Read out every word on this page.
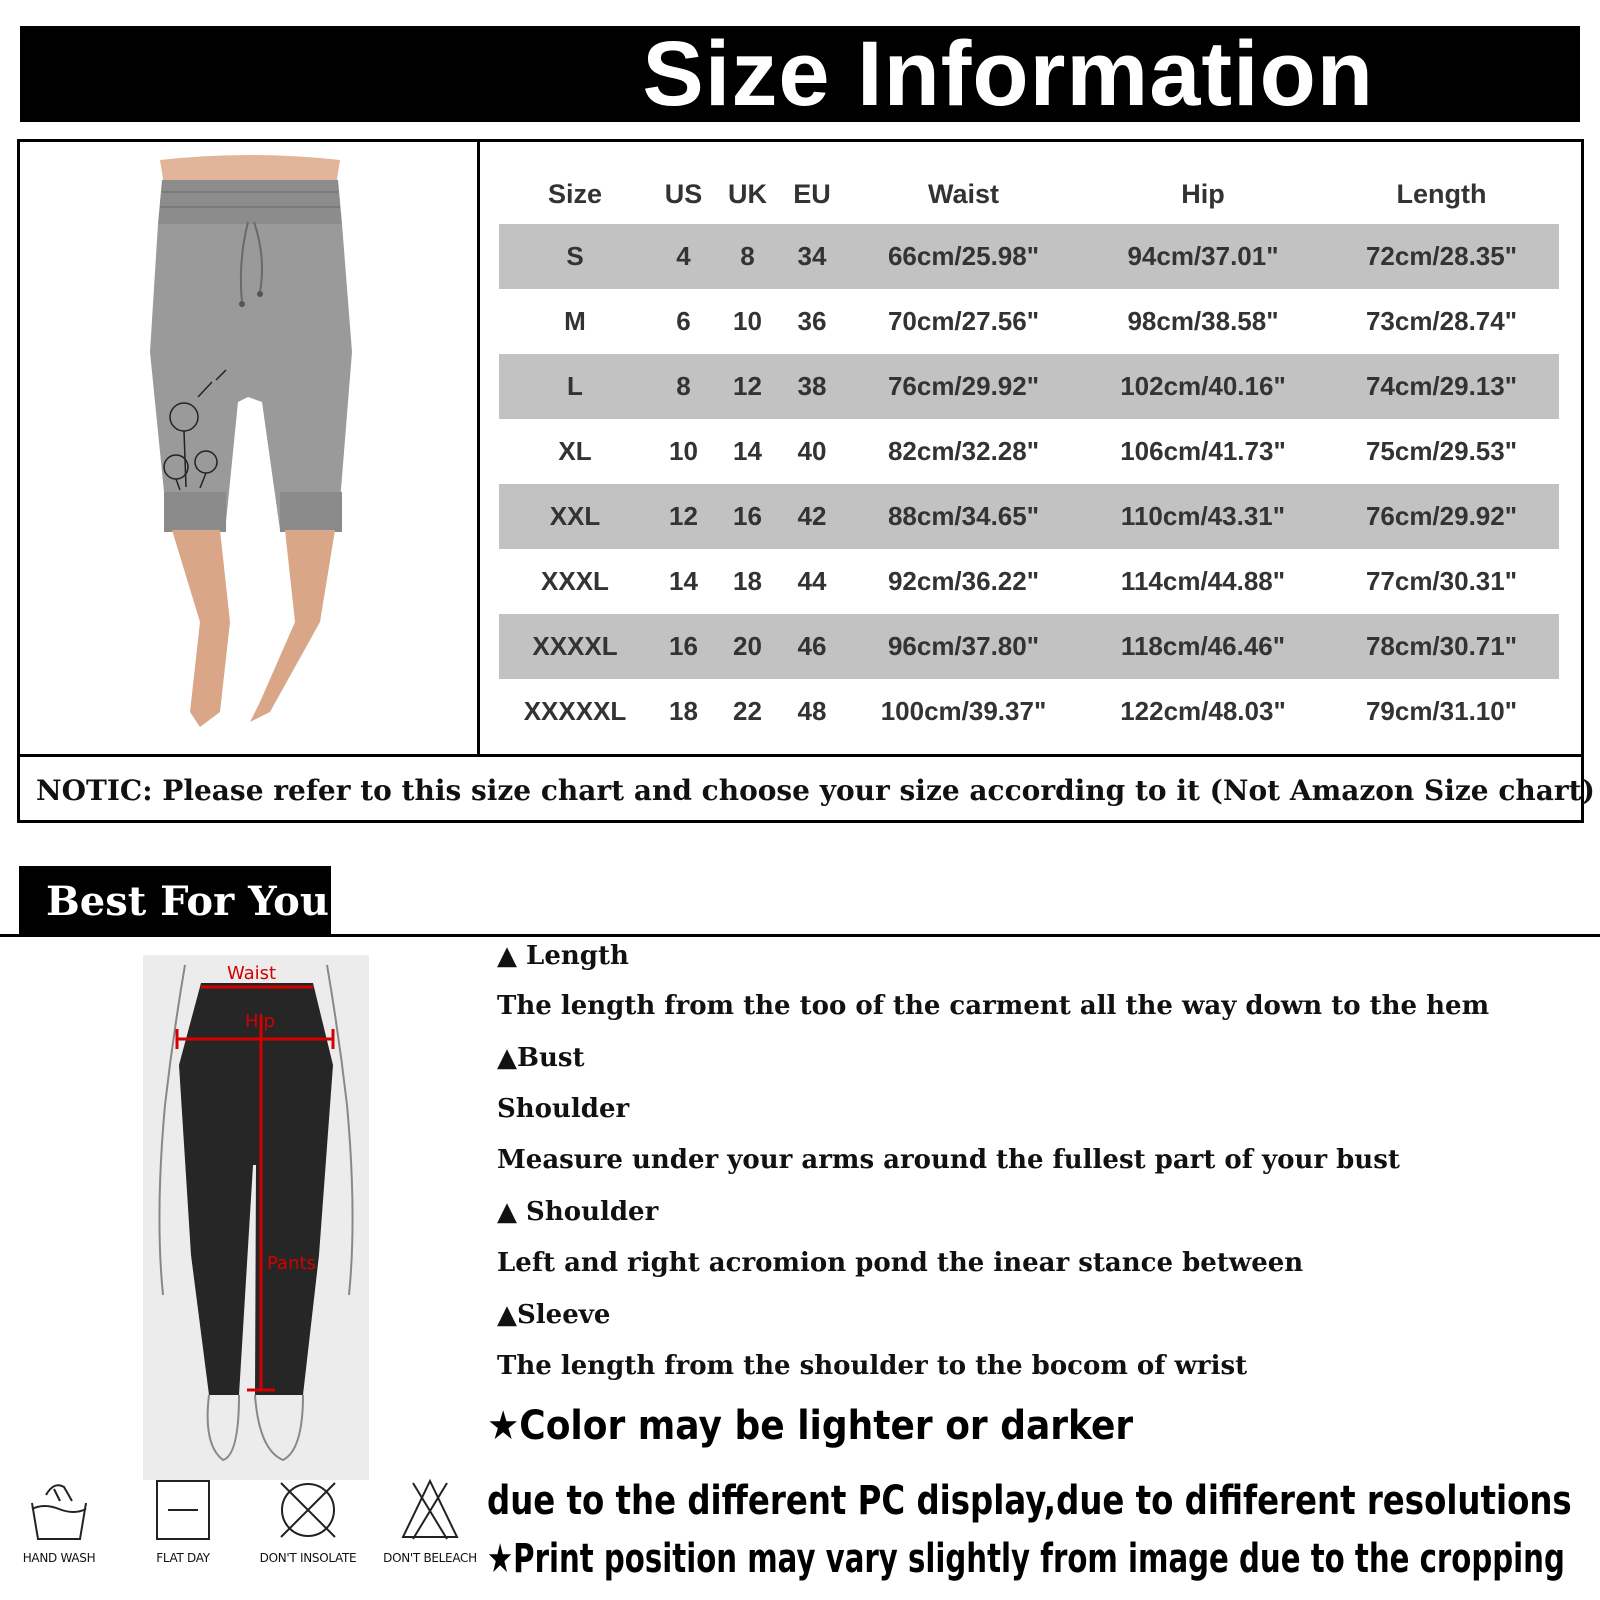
Size Information
Size	US	UK	EU	Waist	Hip	Length
S	4	8	34	66cm/25.98"	94cm/37.01"	72cm/28.35"
M	6	10	36	70cm/27.56"	98cm/38.58"	73cm/28.74"
L	8	12	38	76cm/29.92"	102cm/40.16"	74cm/29.13"
XL	10	14	40	82cm/32.28"	106cm/41.73"	75cm/29.53"
XXL	12	16	42	88cm/34.65"	110cm/43.31"	76cm/29.92"
XXXL	14	18	44	92cm/36.22"	114cm/44.88"	77cm/30.31"
XXXXL	16	20	46	96cm/37.80"	118cm/46.46"	78cm/30.71"
XXXXXL	18	22	48	100cm/39.37"	122cm/48.03"	79cm/31.10"
NOTIC: Please refer to this size chart and choose your size according to it (Not Amazon Size chart)
Best For You
Waist
Hip
Pants
HAND WASH	FLAT DAY	DON'T INSOLATE	DON'T BELEACH
▲ Length
The length from the too of the carment all the way down to the hem
▲Bust
Shoulder
Measure under your arms around the fullest part of your bust
▲ Shoulder
Left and right acromion pond the inear stance between
▲Sleeve
The length from the shoulder to the bocom of wrist
★Color may be lighter or darker
due to the different PC display,due to dififerent resolutions
★Print position may vary slightly from image due to the cropping
